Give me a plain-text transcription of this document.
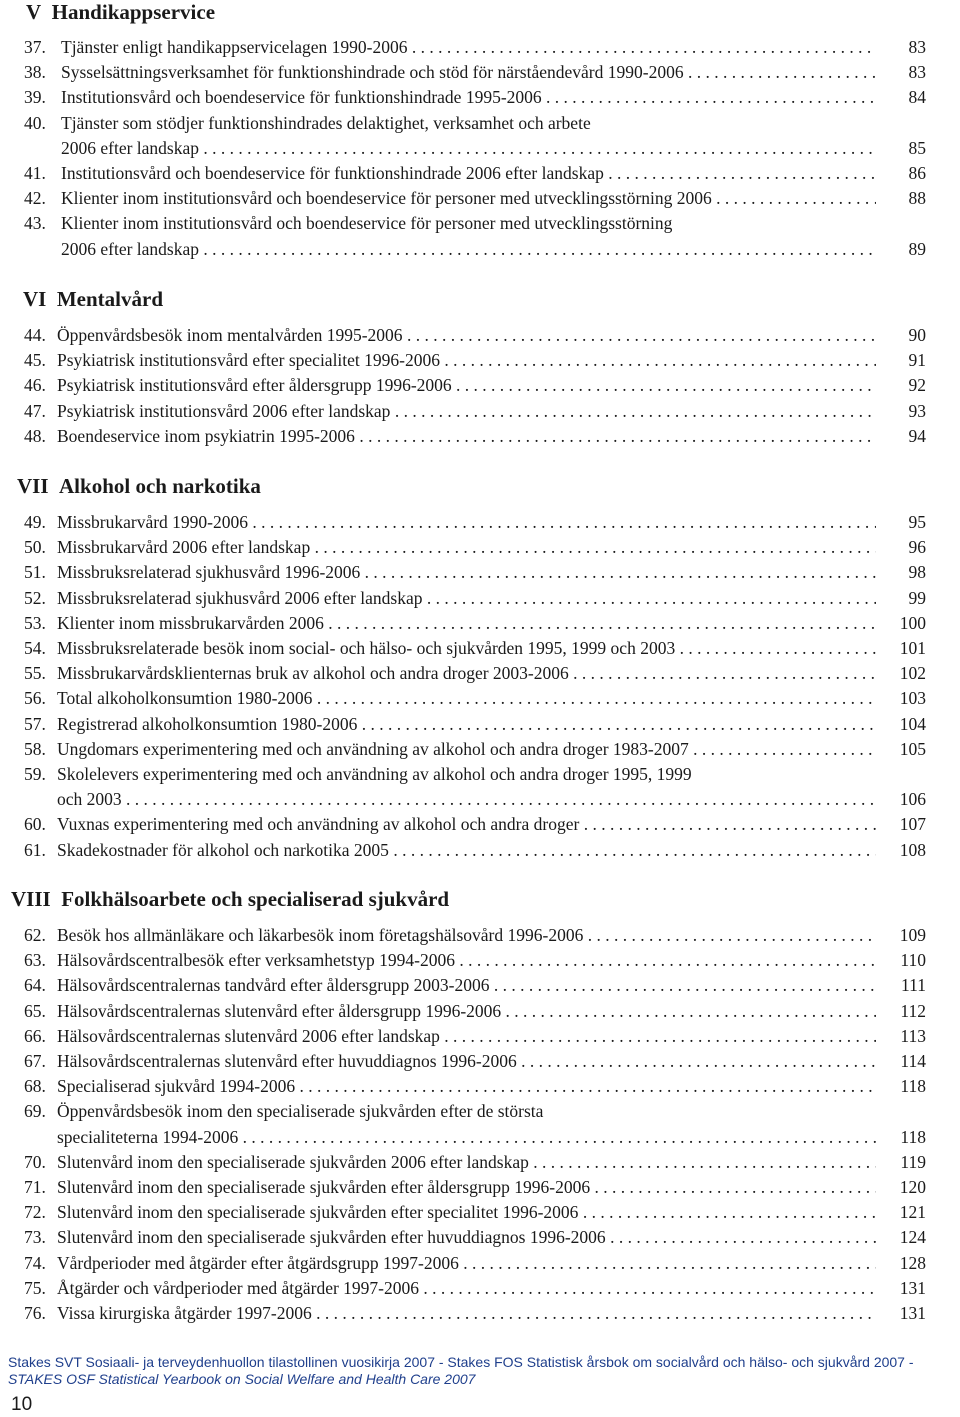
V Handikappservice
37. Tjänster enligt handikappservicelagen 1990-2006 . . .	83
38. Sysselsättningsverksamhet för funktionshindrade och stöd för närståendevård 1990-2006 . . .	83
39. Institutionsvård och boendeservice för funktionshindrade 1995-2006 . . .	84
40. Tjänster som stödjer funktionshindrades delaktighet, verksamhet och arbete
2006 efter landskap . . .	85
41. Institutionsvård och boendeservice för funktionshindrade 2006 efter landskap . . .	86
42. Klienter inom institutionsvård och boendeservice för personer med utvecklingsstörning 2006 . . .	88
43. Klienter inom institutionsvård och boendeservice för personer med utvecklingsstörning
2006 efter landskap . . .	89
VI Mentalvård
44. Öppenvårdsbesök inom mentalvården 1995-2006 . . .	90
45. Psykiatrisk institutionsvård efter specialitet 1996-2006 . . .	91
46. Psykiatrisk institutionsvård efter åldersgrupp 1996-2006 . . .	92
47. Psykiatrisk institutionsvård 2006 efter landskap . . .	93
48. Boendeservice inom psykiatrin 1995-2006 . . .	94
VII Alkohol och narkotika
49. Missbrukarvård 1990-2006 . . .	95
50. Missbrukarvård 2006 efter landskap . . .	96
51. Missbruksrelaterad sjukhusvård 1996-2006 . . .	98
52. Missbruksrelaterad sjukhusvård 2006 efter landskap . . .	99
53. Klienter inom missbrukarvården 2006 . . .	100
54. Missbruksrelaterade besök inom social- och hälso- och sjukvården 1995, 1999 och 2003 . . .	101
55. Missbrukarvårdsklienternas bruk av alkohol och andra droger 2003-2006 . . .	102
56. Total alkoholkonsumtion 1980-2006 . . .	103
57. Registrerad alkoholkonsumtion 1980-2006 . . .	104
58. Ungdomars experimentering med och användning av alkohol och andra droger 1983-2007 . . .	105
59. Skolelevers experimentering med och användning av alkohol och andra droger 1995, 1999
och 2003 . . .	106
60. Vuxnas experimentering med och användning av alkohol och andra droger . . .	107
61. Skadekostnader för alkohol och narkotika 2005 . . .	108
VIII Folkhälsoarbete och specialiserad sjukvård
62. Besök hos allmänläkare och läkarbesök inom företagshälsovård 1996-2006 . . .	109
63. Hälsovårdscentralbesök efter verksamhetstyp 1994-2006 . . .	110
64. Hälsovårdscentralernas tandvård efter åldersgrupp 2003-2006 . . .	111
65. Hälsovårdscentralernas slutenvård efter åldersgrupp 1996-2006 . . .	112
66. Hälsovårdscentralernas slutenvård 2006 efter landskap . . .	113
67. Hälsovårdscentralernas slutenvård efter huvuddiagnos 1996-2006 . . .	114
68. Specialiserad sjukvård 1994-2006 . . .	118
69. Öppenvårdsbesök inom den specialiserade sjukvården efter de största
specialiteterna 1994-2006 . . .	118
70. Slutenvård inom den specialiserade sjukvården 2006 efter landskap . . .	119
71. Slutenvård inom den specialiserade sjukvården efter åldersgrupp 1996-2006 . . .	120
72. Slutenvård inom den specialiserade sjukvården efter specialitet 1996-2006 . . .	121
73. Slutenvård inom den specialiserade sjukvården efter huvuddiagnos 1996-2006 . . .	124
74. Vårdperioder med åtgärder efter åtgärdsgrupp 1997-2006 . . .	128
75. Åtgärder och vårdperioder med åtgärder 1997-2006 . . .	131
76. Vissa kirurgiska åtgärder 1997-2006 . . .	131
Stakes SVT Sosiaali- ja terveydenhuollon tilastollinen vuosikirja 2007 - Stakes FOS Statistisk årsbok om socialvård och hälso- och sjukvård 2007 -
STAKES OSF Statistical Yearbook on Social Welfare and Health Care 2007
10
